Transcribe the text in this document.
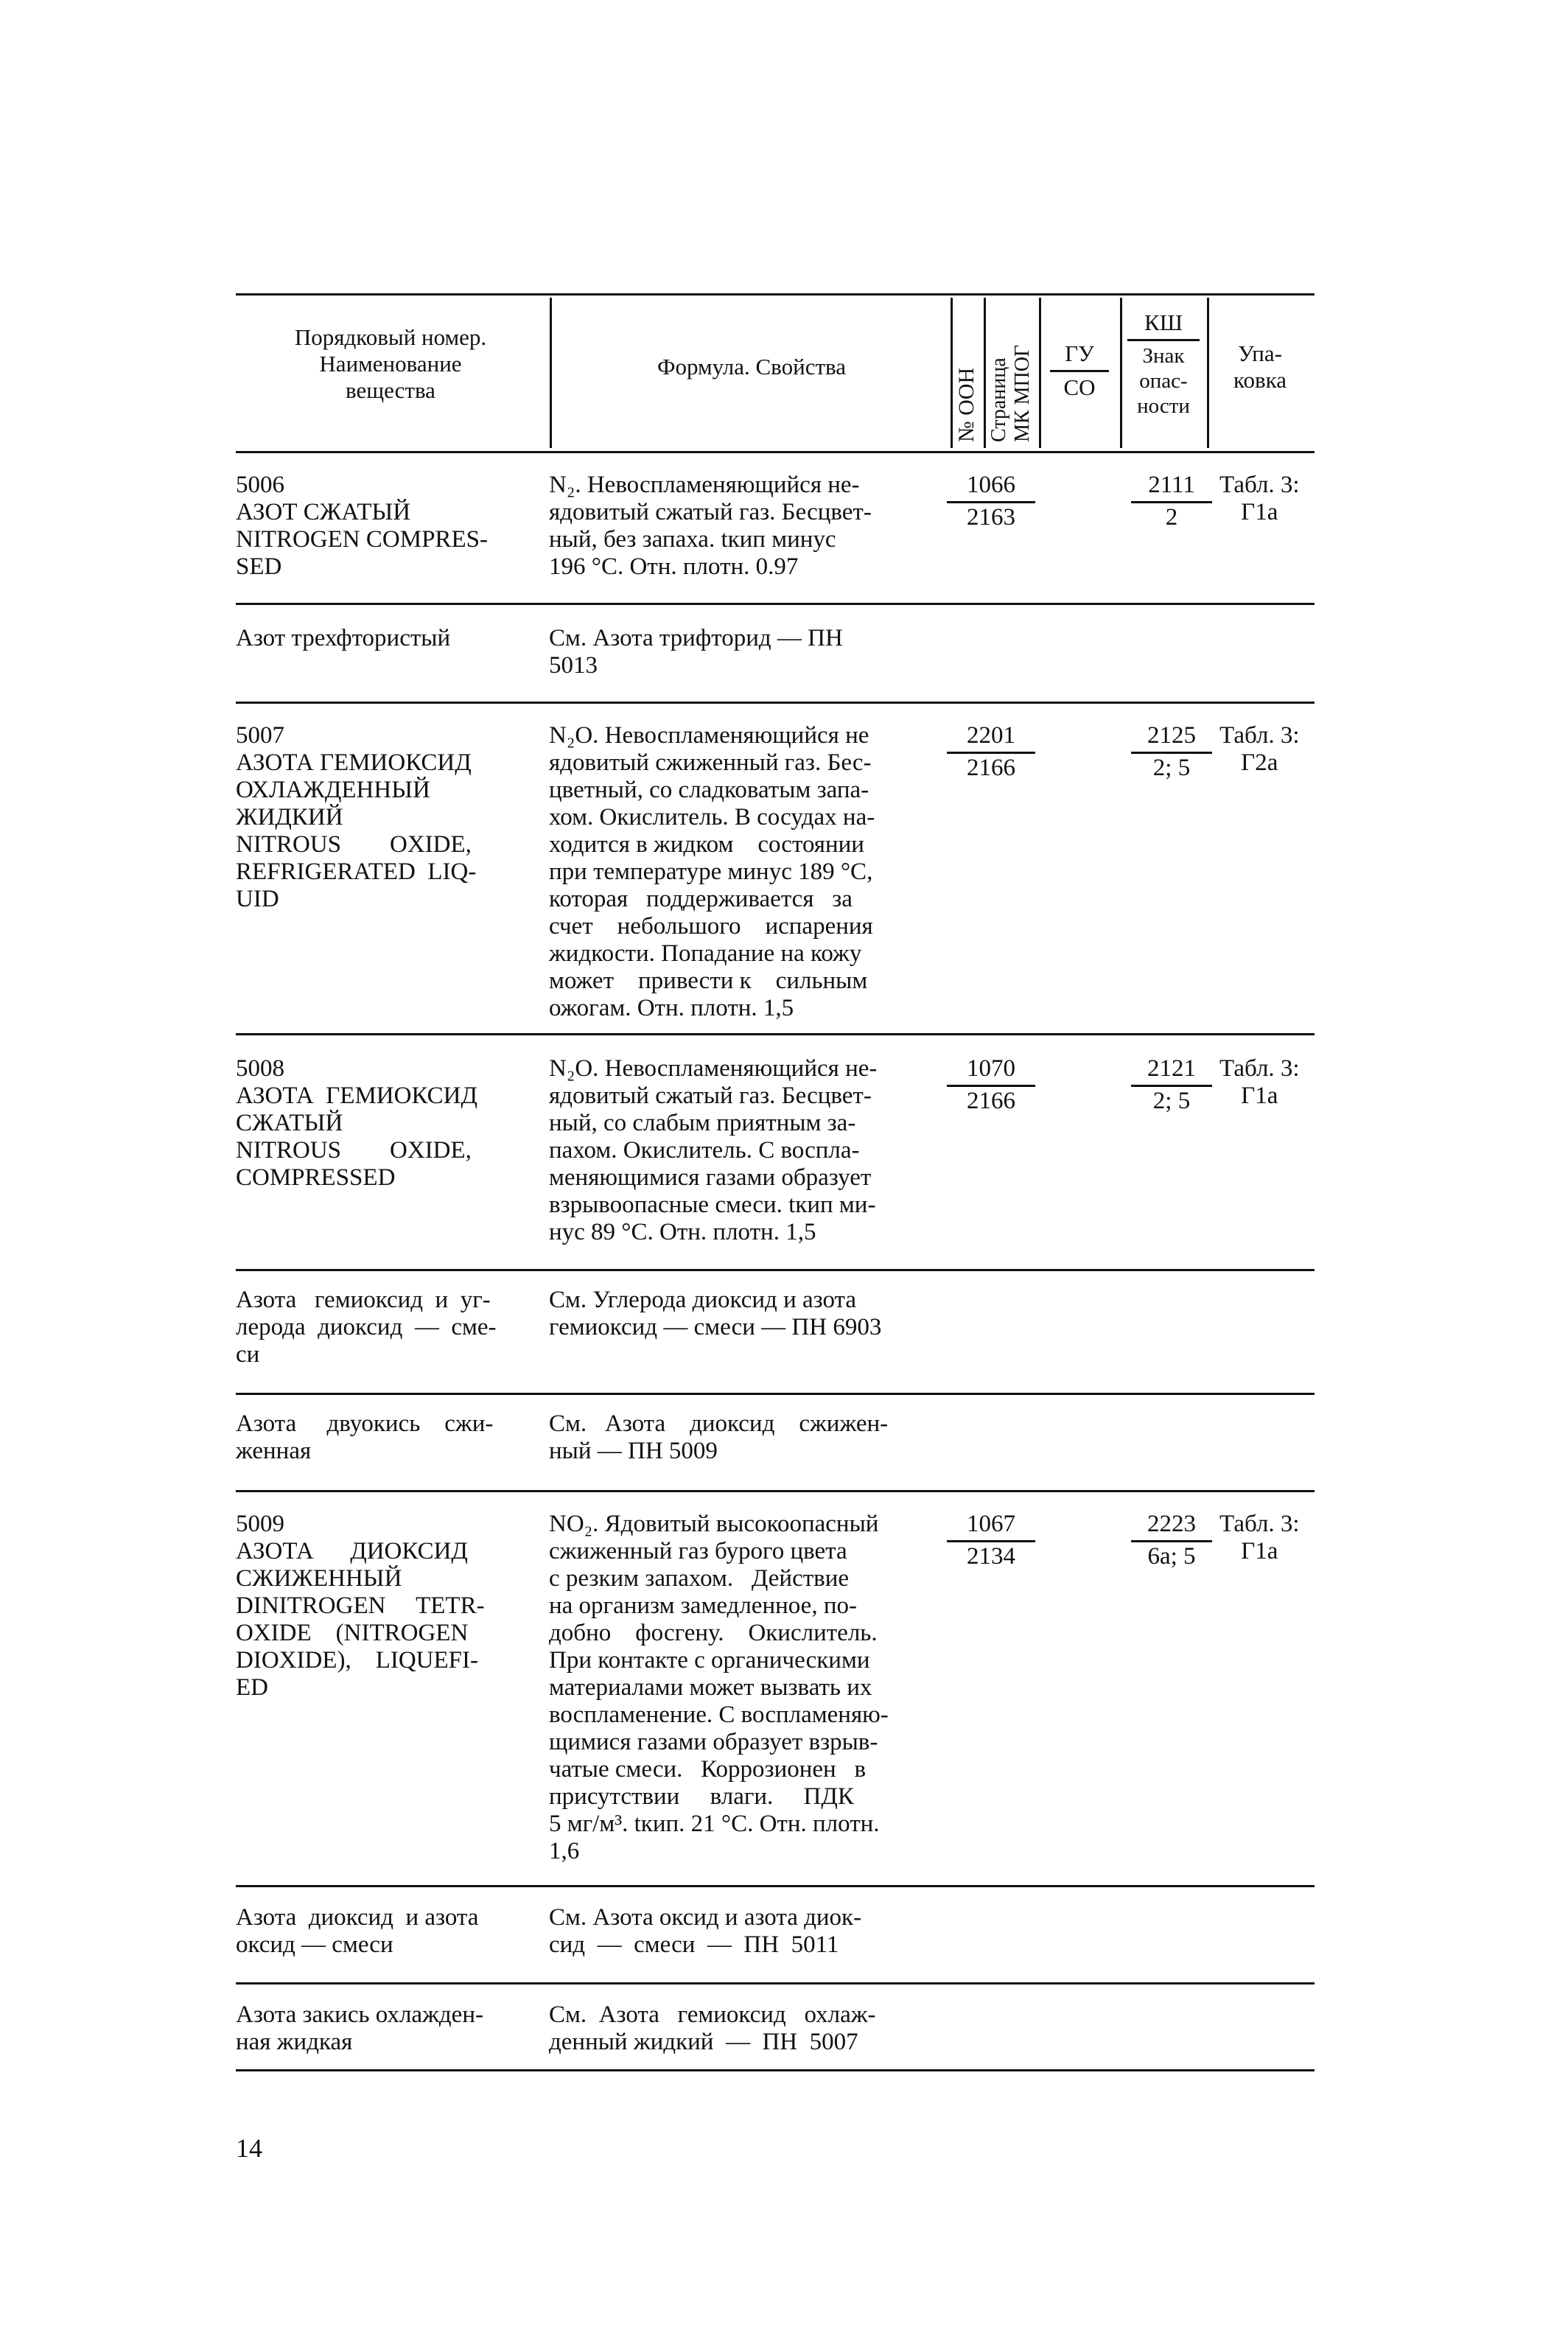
Порядковый номер.
Наименование
вещества
Формула. Свойства
№ ООН Страница
МК МПОГ	ГУ
СО
КШ
Знак
опас-
ности
Упа-
ковка
5006
АЗОТ СЖАТЫЙ
NITROGEN COMPRES-
SED
N₂. Невоспламеняющийся не-
ядовитый сжатый газ. Бесцвет-
ный, без запаха. tкип минус
196 °С. Отн. плотн. 0.97
1066
2163
2111
2
Табл. 3:
Г1а
Азот трехфтористый	См. Азота трифторид — ПН
5013
5007
АЗОТА ГЕМИОКСИД
ОХЛАЖДЕННЫЙ
ЖИДКИЙ
NITROUS        OXIDE,
REFRIGERATED  LIQ-
UID
N₂O. Невоспламеняющийся не
ядовитый сжиженный газ. Бес-
цветный, со сладковатым запа-
хом. Окислитель. В сосудах на-
ходится в жидком    состоянии
при температуре минус 189 °С,
которая   поддерживается   за
счет    небольшого    испарения
жидкости. Попадание на кожу
может    привести к    сильным
ожогам. Отн. плотн. 1,5
2201
2166
2125
2; 5
Табл. 3:
Г2а
5008
АЗОТА  ГЕМИОКСИД
СЖАТЫЙ
NITROUS        OXIDE,
COMPRESSED
N₂O. Невоспламеняющийся не-
ядовитый сжатый газ. Бесцвет-
ный, со слабым приятным за-
пахом. Окислитель. С воспла-
меняющимися газами образует
взрывоопасные смеси. tкип ми-
нус 89 °С. Отн. плотн. 1,5
1070
2166
2121
2; 5
Табл. 3:
Г1а
Азота   гемиоксид  и  уг-
лерода  диоксид  —  сме-
си
См. Углерода диоксид и азота
гемиоксид — смеси — ПН 6903
Азота     двуокись    сжи-
женная
См.   Азота    диоксид    сжижен-
ный — ПН 5009
5009
АЗОТА      ДИОКСИД
СЖИЖЕННЫЙ
DINITROGEN     TETR-
OXIDE    (NITROGEN
DIOXIDE),    LIQUEFI-
ED
NO₂. Ядовитый высокоопасный
сжиженный газ бурого цвета
с резким запахом.   Действие
на организм замедленное, по-
добно    фосгену.    Окислитель.
При контакте с органическими
материалами может вызвать их
воспламенение. С воспламеняю-
щимися газами образует взрыв-
чатые смеси.   Коррозионен   в
присутствии     влаги.     ПДК
5 мг/м³. tкип. 21 °С. Отн. плотн.
1,6
1067
2134
2223
6а; 5
Табл. 3:
Г1а
Азота  диоксид  и азота
оксид — смеси
См. Азота оксид и азота диок-
сид  —  смеси  —  ПН  5011
Азота закись охлажден-
ная жидкая
См.  Азота   гемиоксид   охлаж-
денный жидкий  —  ПН  5007
14
